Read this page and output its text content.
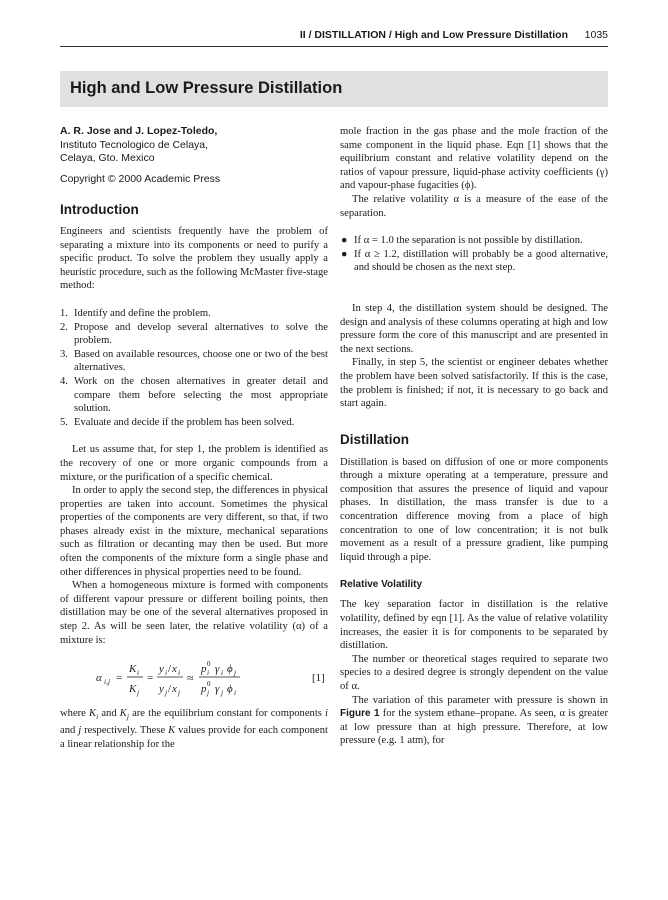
II / DISTILLATION / High and Low Pressure Distillation 1035
High and Low Pressure Distillation
A. R. Jose and J. Lopez-Toledo,
Instituto Tecnologico de Celaya,
Celaya, Gto. Mexico
Copyright © 2000 Academic Press
Introduction

Engineers and scientists frequently have the problem of separating a mixture into its components or need to purify a specific product. To solve the problem they usually apply a heuristic procedure, such as the following McMaster five-stage method:

1. Identify and define the problem.
2. Propose and develop several alternatives to solve the problem.
3. Based on available resources, choose one or two of the best alternatives.
4. Work on the chosen alternatives in greater detail and compare them before selecting the most appropriate solution.
5. Evaluate and decide if the problem has been solved.

Let us assume that, for step 1, the problem is identified as the recovery of one or more organic compounds from a mixture, or the purification of a specific chemical.

In order to apply the second step, the differences in physical properties are taken into account. Sometimes the physical properties of the components are very different, so that, if two phases already exist in the mixture, mechanical separations such as filtration or decanting may then be used. But more often the components of the mixture form a single phase and other differences in physical properties need to be found.

When a homogeneous mixture is formed with components of different vapour pressure or different boiling points, then distillation may be one of the several alternatives proposed in step 2. As will be seen later, the relative volatility (α) of a mixture is:

α i,j =
K i
K j
=
y i / x i
y j / x j
≈
p 0
i γ i ϕ j
p 0
j γ j ϕ i
[1]

where $K_i$ and $K_j$ are the equilibrium constant for components i and j respectively. These K values provide for each component a linear relationship for the

mole fraction in the gas phase and the mole fraction of the same component in the liquid phase. Eqn [1] shows that the equilibrium constant and relative volatility depend on the ratios of vapour pressure, liquid-phase activity coefficients (γ) and vapour-phase fugacities (ϕ).

The relative volatility α is a measure of the ease of the separation.

● If α = 1.0 the separation is not possible by distillation.
● If α ≥ 1.2, distillation will probably be a good alternative, and should be chosen as the next step.

In step 4, the distillation system should be designed. The design and analysis of these columns operating at high and low pressure form the core of this manuscript and are presented in the next sections.

Finally, in step 5, the scientist or engineer debates whether the problem have been solved satisfactorily. If this is the case, the problem is finished; if not, it is necessary to go back and start again.

Distillation

Distillation is based on diffusion of one or more components through a mixture operating at a temperature, pressure and composition that assures the presence of liquid and vapour phases. In distillation, the mass transfer is due to a concentration difference moving from a place of high concentration to one of low concentration; it is not bulk movement as a result of a pressure gradient, like pumping liquid through a pipe.

Relative Volatility

The key separation factor in distillation is the relative volatility, defined by eqn [1]. As the value of relative volatility increases, the easier it is for components to be separated by distillation.

The number or theoretical stages required to separate two species to a desired degree is strongly dependent on the value of α.

The variation of this parameter with pressure is shown in Figure 1 for the system ethane–propane. As seen, α is greater at low pressure than at high pressure. Therefore, at low pressure (e.g. 1 atm), for
